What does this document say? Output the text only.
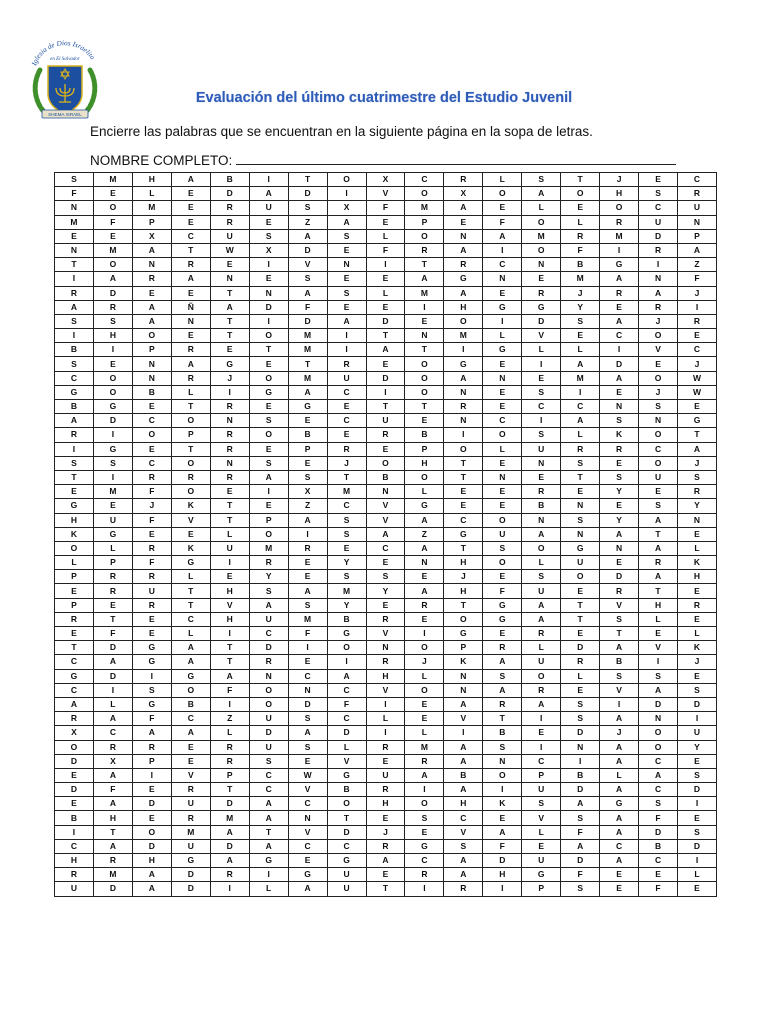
Iglesia de Dios Israelita
en El Salvador
SHEMA ISRAEL
Evaluación del último cuatrimestre del Estudio Juvenil
Encierre las palabras que se encuentran en la siguiente página en la sopa de letras.
NOMBRE COMPLETO:
S	M	H	A	B	I	T	O	X	C	R	L	S	T	J	E	C
F	E	L	E	D	A	D	I	V	O	X	O	A	O	H	S	R
N	O	M	E	R	U	S	X	F	M	A	E	L	E	O	C	U
M	F	P	E	R	E	Z	A	E	P	E	F	O	L	R	U	N
E	E	X	C	U	S	A	S	L	O	N	A	M	R	M	D	P
N	M	A	T	W	X	D	E	F	R	A	I	O	F	I	R	A
T	O	N	R	E	I	V	N	I	T	R	C	N	B	G	I	Z
I	A	R	A	N	E	S	E	E	A	G	N	E	M	A	N	F
R	D	E	E	T	N	A	S	L	M	A	E	R	J	R	A	J
A	R	A	Ñ	A	D	F	E	E	I	H	G	G	Y	E	R	I
S	S	A	N	T	I	D	A	D	E	O	I	D	S	A	J	R
I	H	O	E	T	O	M	I	T	N	M	L	V	E	C	O	E
B	I	P	R	E	T	M	I	A	T	I	G	L	L	I	V	C
S	E	N	A	G	E	T	R	E	O	G	E	I	A	D	E	J
C	O	N	R	J	O	M	U	D	O	A	N	E	M	A	O	W
G	O	B	L	I	G	A	C	I	O	N	E	S	I	E	J	W
B	G	E	T	R	E	G	E	T	T	R	E	C	C	N	S	E
A	D	C	O	N	S	E	C	U	E	N	C	I	A	S	N	G
R	I	O	P	R	O	B	E	R	B	I	O	S	L	K	O	T
I	G	E	T	R	E	P	R	E	P	O	L	U	R	R	C	A
S	S	C	O	N	S	E	J	O	H	T	E	N	S	E	O	J
T	I	R	R	R	A	S	T	B	O	T	N	E	T	S	U	S
E	M	F	O	E	I	X	M	N	L	E	E	R	E	Y	E	R
G	E	J	K	T	E	Z	C	V	G	E	E	B	N	E	S	Y
H	U	F	V	T	P	A	S	V	A	C	O	N	S	Y	A	N
K	G	E	E	L	O	I	S	A	Z	G	U	A	N	A	T	E
O	L	R	K	U	M	R	E	C	A	T	S	O	G	N	A	L
L	P	F	G	I	R	E	Y	E	N	H	O	L	U	E	R	K
P	R	R	L	E	Y	E	S	S	E	J	E	S	O	D	A	H
E	R	U	T	H	S	A	M	Y	A	H	F	U	E	R	T	E
P	E	R	T	V	A	S	Y	E	R	T	G	A	T	V	H	R
R	T	E	C	H	U	M	B	R	E	O	G	A	T	S	L	E
E	F	E	L	I	C	F	G	V	I	G	E	R	E	T	E	L
T	D	G	A	T	D	I	O	N	O	P	R	L	D	A	V	K
C	A	G	A	T	R	E	I	R	J	K	A	U	R	B	I	J
G	D	I	G	A	N	C	A	H	L	N	S	O	L	S	S	E
C	I	S	O	F	O	N	C	V	O	N	A	R	E	V	A	S
A	L	G	B	I	O	D	F	I	E	A	R	A	S	I	D	D
R	A	F	C	Z	U	S	C	L	E	V	T	I	S	A	N	I
X	C	A	A	L	D	A	D	I	L	I	B	E	D	J	O	U
O	R	R	E	R	U	S	L	R	M	A	S	I	N	A	O	Y
D	X	P	E	R	S	E	V	E	R	A	N	C	I	A	C	E
E	A	I	V	P	C	W	G	U	A	B	O	P	B	L	A	S
D	F	E	R	T	C	V	B	R	I	A	I	U	D	A	C	D
E	A	D	U	D	A	C	O	H	O	H	K	S	A	G	S	I
B	H	E	R	M	A	N	T	E	S	C	E	V	S	A	F	E
I	T	O	M	A	T	V	D	J	E	V	A	L	F	A	D	S
C	A	D	U	D	A	C	C	R	G	S	F	E	A	C	B	D
H	R	H	G	A	G	E	G	A	C	A	D	U	D	A	C	I
R	M	A	D	R	I	G	U	E	R	A	H	G	F	E	E	L
U	D	A	D	I	L	A	U	T	I	R	I	P	S	E	F	E
